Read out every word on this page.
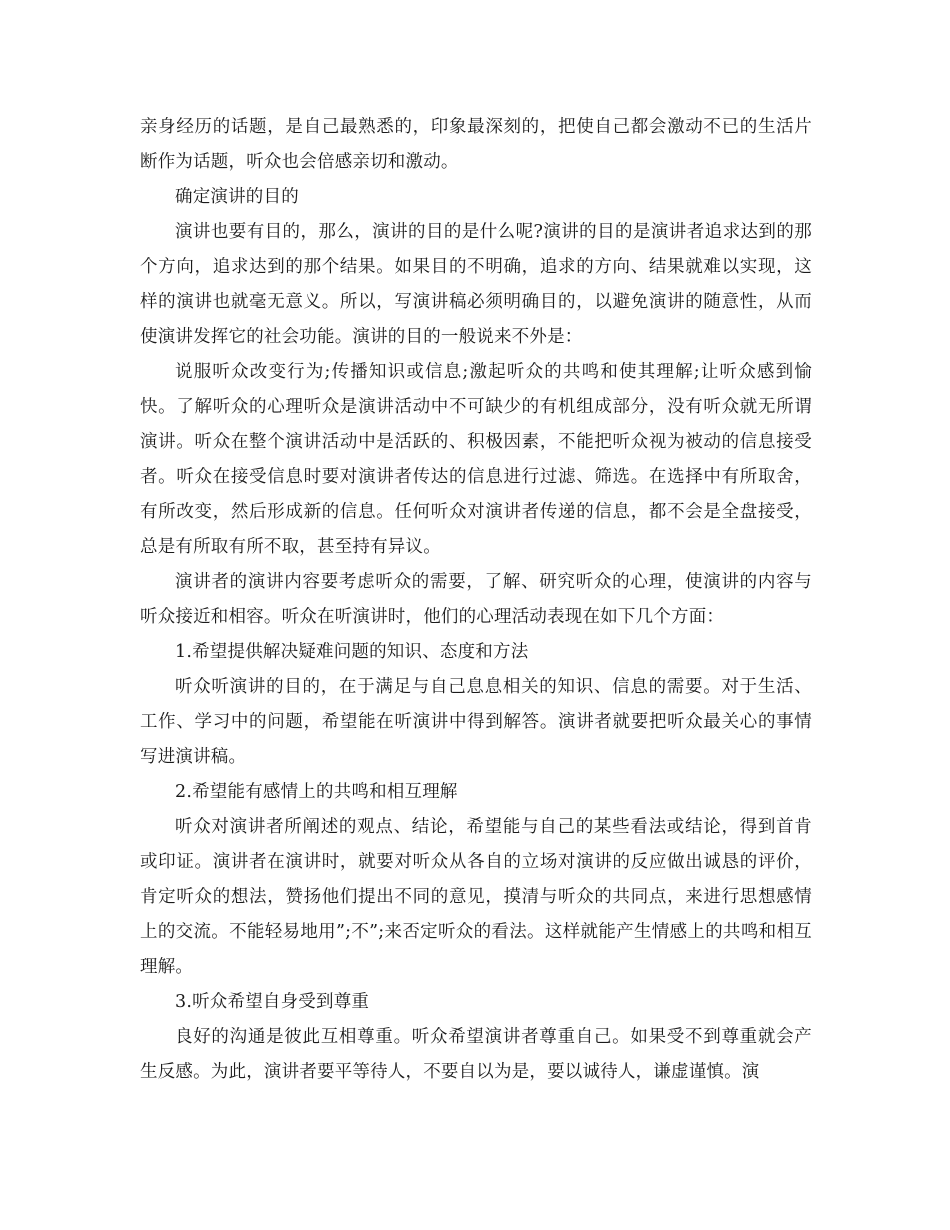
亲身经历的话题，是自己最熟悉的，印象最深刻的，把使自己都会激动不已的生活片断作为话题，听众也会倍感亲切和激动。

确定演讲的目的

演讲也要有目的，那么，演讲的目的是什么呢?演讲的目的是演讲者追求达到的那个方向，追求达到的那个结果。如果目的不明确，追求的方向、结果就难以实现，这样的演讲也就毫无意义。所以，写演讲稿必须明确目的，以避免演讲的随意性，从而使演讲发挥它的社会功能。演讲的目的一般说来不外是：

说服听众改变行为;传播知识或信息;激起听众的共鸣和使其理解;让听众感到愉快。了解听众的心理听众是演讲活动中不可缺少的有机组成部分，没有听众就无所谓演讲。听众在整个演讲活动中是活跃的、积极因素，不能把听众视为被动的信息接受者。听众在接受信息时要对演讲者传达的信息进行过滤、筛选。在选择中有所取舍，有所改变，然后形成新的信息。任何听众对演讲者传递的信息，都不会是全盘接受，总是有所取有所不取，甚至持有异议。

演讲者的演讲内容要考虑听众的需要，了解、研究听众的心理，使演讲的内容与听众接近和相容。听众在听演讲时，他们的心理活动表现在如下几个方面：

1.希望提供解决疑难问题的知识、态度和方法

听众听演讲的目的，在于满足与自己息息相关的知识、信息的需要。对于生活、工作、学习中的问题，希望能在听演讲中得到解答。演讲者就要把听众最关心的事情写进演讲稿。

2.希望能有感情上的共鸣和相互理解

听众对演讲者所阐述的观点、结论，希望能与自己的某些看法或结论，得到首肯或印证。演讲者在演讲时，就要对听众从各自的立场对演讲的反应做出诚恳的评价，肯定听众的想法，赞扬他们提出不同的意见，摸清与听众的共同点，来进行思想感情上的交流。不能轻易地用”;不”;来否定听众的看法。这样就能产生情感上的共鸣和相互理解。

3.听众希望自身受到尊重

良好的沟通是彼此互相尊重。听众希望演讲者尊重自己。如果受不到尊重就会产生反感。为此，演讲者要平等待人，不要自以为是，要以诚待人，谦虚谨慎。演
